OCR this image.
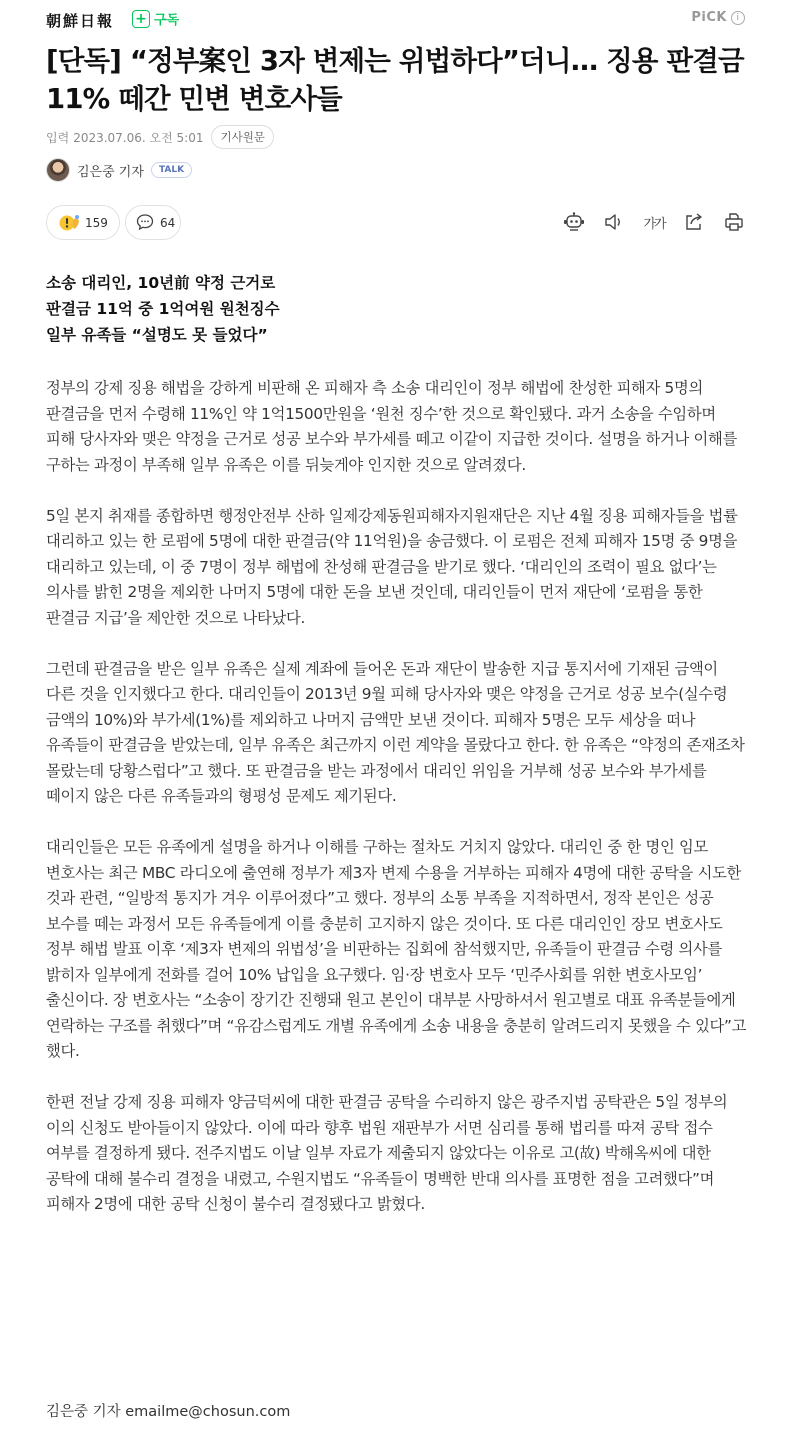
朝鮮日報 + 구독	PiCK	i
[단독] “정부案인 3자 변제는 위법하다”더니… 징용 판결금 11% 떼간 민변 변호사들
입력 2023.07.06. 오전 5:01	기사원문
김은중 기자	TALK
159	64	가가
소송 대리인, 10년前 약정 근거로
판결금 11억 중 1억여원 원천징수
일부 유족들 “설명도 못 들었다”

정부의 강제 징용 해법을 강하게 비판해 온 피해자 측 소송 대리인이 정부 해법에 찬성한 피해자 5명의 판결금을 먼저 수령해 11%인 약 1억1500만원을 ‘원천 징수’한 것으로 확인됐다. 과거 소송을 수임하며 피해 당사자와 맺은 약정을 근거로 성공 보수와 부가세를 떼고 이같이 지급한 것이다. 설명을 하거나 이해를 구하는 과정이 부족해 일부 유족은 이를 뒤늦게야 인지한 것으로 알려졌다.

5일 본지 취재를 종합하면 행정안전부 산하 일제강제동원피해자지원재단은 지난 4월 징용 피해자들을 법률 대리하고 있는 한 로펌에 5명에 대한 판결금(약 11억원)을 송금했다. 이 로펌은 전체 피해자 15명 중 9명을 대리하고 있는데, 이 중 7명이 정부 해법에 찬성해 판결금을 받기로 했다. ‘대리인의 조력이 필요 없다’는 의사를 밝힌 2명을 제외한 나머지 5명에 대한 돈을 보낸 것인데, 대리인들이 먼저 재단에 ‘로펌을 통한 판결금 지급’을 제안한 것으로 나타났다.

그런데 판결금을 받은 일부 유족은 실제 계좌에 들어온 돈과 재단이 발송한 지급 통지서에 기재된 금액이 다른 것을 인지했다고 한다. 대리인들이 2013년 9월 피해 당사자와 맺은 약정을 근거로 성공 보수(실수령 금액의 10%)와 부가세(1%)를 제외하고 나머지 금액만 보낸 것이다. 피해자 5명은 모두 세상을 떠나 유족들이 판결금을 받았는데, 일부 유족은 최근까지 이런 계약을 몰랐다고 한다. 한 유족은 “약정의 존재조차 몰랐는데 당황스럽다”고 했다. 또 판결금을 받는 과정에서 대리인 위임을 거부해 성공 보수와 부가세를 떼이지 않은 다른 유족들과의 형평성 문제도 제기된다.

대리인들은 모든 유족에게 설명을 하거나 이해를 구하는 절차도 거치지 않았다. 대리인 중 한 명인 임모 변호사는 최근 MBC 라디오에 출연해 정부가 제3자 변제 수용을 거부하는 피해자 4명에 대한 공탁을 시도한 것과 관련, “일방적 통지가 겨우 이루어졌다”고 했다. 정부의 소통 부족을 지적하면서, 정작 본인은 성공 보수를 떼는 과정서 모든 유족들에게 이를 충분히 고지하지 않은 것이다. 또 다른 대리인인 장모 변호사도 정부 해법 발표 이후 ‘제3자 변제의 위법성’을 비판하는 집회에 참석했지만, 유족들이 판결금 수령 의사를 밝히자 일부에게 전화를 걸어 10% 납입을 요구했다. 임·장 변호사 모두 ‘민주사회를 위한 변호사모임’ 출신이다. 장 변호사는 “소송이 장기간 진행돼 원고 본인이 대부분 사망하셔서 원고별로 대표 유족분들에게 연락하는 구조를 취했다”며 “유감스럽게도 개별 유족에게 소송 내용을 충분히 알려드리지 못했을 수 있다”고 했다.

한편 전날 강제 징용 피해자 양금덕씨에 대한 판결금 공탁을 수리하지 않은 광주지법 공탁관은 5일 정부의 이의 신청도 받아들이지 않았다. 이에 따라 향후 법원 재판부가 서면 심리를 통해 법리를 따져 공탁 접수 여부를 결정하게 됐다. 전주지법도 이날 일부 자료가 제출되지 않았다는 이유로 고(故) 박해옥씨에 대한 공탁에 대해 불수리 결정을 내렸고, 수원지법도 “유족들이 명백한 반대 의사를 표명한 점을 고려했다”며 피해자 2명에 대한 공탁 신청이 불수리 결정됐다고 밝혔다.

김은중 기자 emailme@chosun.com
